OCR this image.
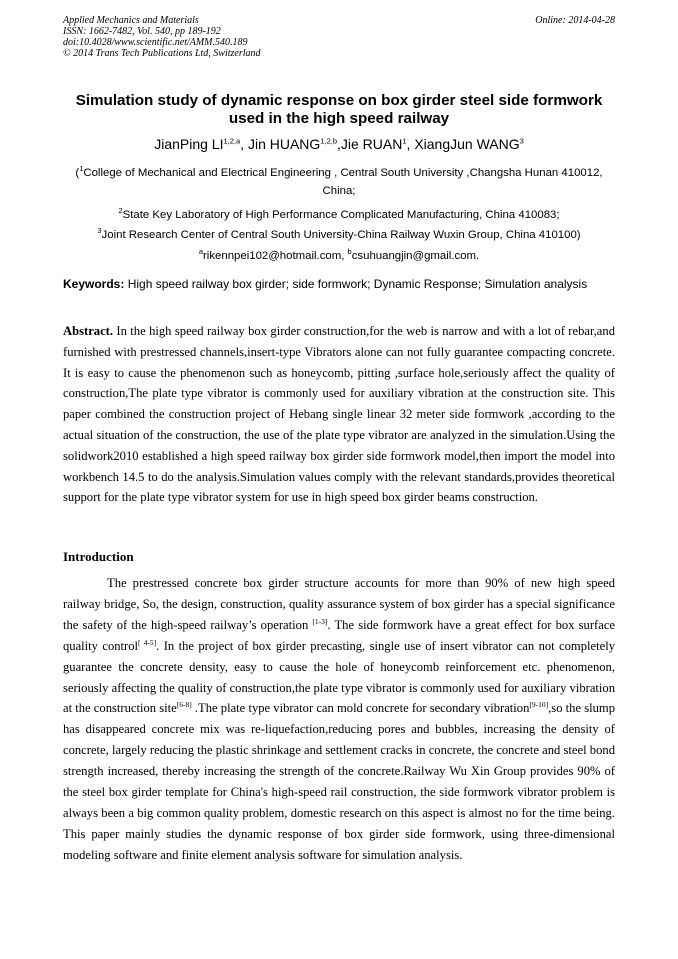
Applied Mechanics and Materials
ISSN: 1662-7482, Vol. 540, pp 189-192
doi:10.4028/www.scientific.net/AMM.540.189
© 2014 Trans Tech Publications Ltd, Switzerland
Online: 2014-04-28
Simulation study of dynamic response on box girder steel side formwork used in the high speed railway
JianPing LI$^{1,2,a}$, Jin HUANG$^{1,2,b}$,Jie RUAN$^1$, XiangJun WANG$^3$
($^1$College of Mechanical and Electrical Engineering , Central South University ,Changsha Hunan 410012, China;
$^2$State Key Laboratory of High Performance Complicated Manufacturing, China 410083;
$^3$Joint Research Center of Central South University-China Railway Wuxin Group, China 410100)
$^a$rikennpei102@hotmail.com, $^b$csuhuangjin@gmail.com.
Keywords: High speed railway box girder; side formwork; Dynamic Response; Simulation analysis
Abstract. In the high speed railway box girder construction,for the web is narrow and with a lot of rebar,and furnished with prestressed channels,insert-type Vibrators alone can not fully guarantee compacting concrete. It is easy to cause the phenomenon such as honeycomb, pitting ,surface hole,seriously affect the quality of construction,The plate type vibrator is commonly used for auxiliary vibration at the construction site. This paper combined the construction project of Hebang single linear 32 meter side formwork ,according to the actual situation of the construction, the use of the plate type vibrator are analyzed in the simulation.Using the solidwork2010 established a high speed railway box girder side formwork model,then import the model into workbench 14.5 to do the analysis.Simulation values comply with the relevant standards,provides theoretical support for the plate type vibrator system for use in high speed box girder beams construction.
Introduction
The prestressed concrete box girder structure accounts for more than 90% of new high speed railway bridge, So, the design, construction, quality assurance system of box girder has a special significance the safety of the high-speed railway’s operation [1-3]. The side formwork have a great effect for box surface quality control[ 4-5]. In the project of box girder precasting, single use of insert vibrator can not completely guarantee the concrete density, easy to cause the hole of honeycomb reinforcement etc. phenomenon, seriously affecting the quality of construction,the plate type vibrator is commonly used for auxiliary vibration at the construction site[6-8] .The plate type vibrator can mold concrete for secondary vibration[9-10],so the slump has disappeared concrete mix was re-liquefaction,reducing pores and bubbles, increasing the density of concrete, largely reducing the plastic shrinkage and settlement cracks in concrete, the concrete and steel bond strength increased, thereby increasing the strength of the concrete.Railway Wu Xin Group provides 90% of the steel box girder template for China's high-speed rail construction, the side formwork vibrator problem is always been a big common quality problem, domestic research on this aspect is almost no for the time being. This paper mainly studies the dynamic response of box girder side formwork, using three-dimensional modeling software and finite element analysis software for simulation analysis.
